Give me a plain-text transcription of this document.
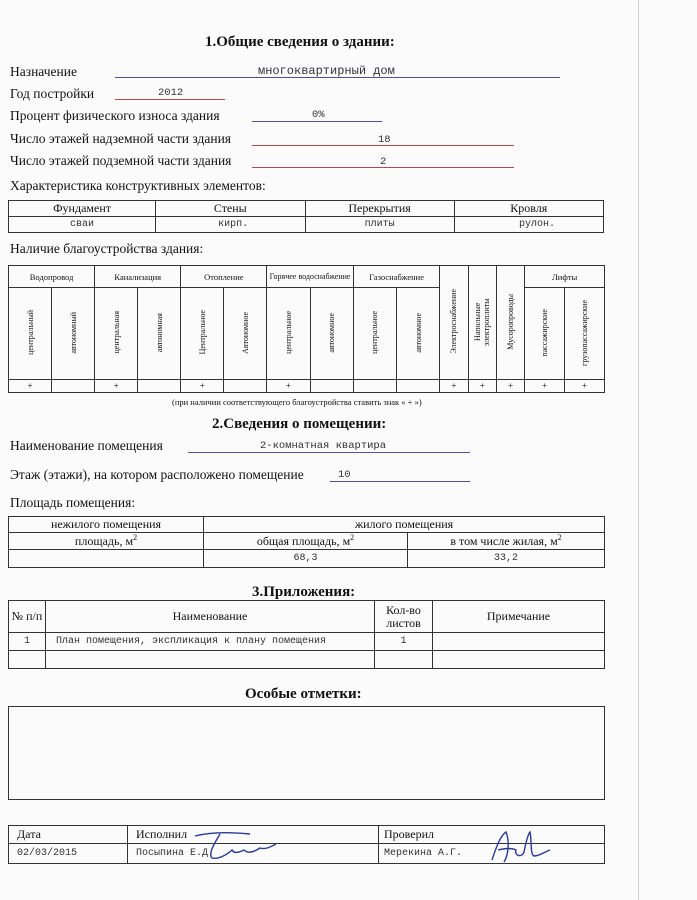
1.Общие сведения о здании:
Назначение	многоквартирный дом
Год постройки	2012
Процент физического износа здания	0%
Число этажей надземной части здания	18
Число этажей подземной части здания	2
Характеристика конструктивных элементов:
Фундамент	Стены	Перекрытия	Кровля
сваи	кирп.	плиты	рулон.
Наличие благоустройства здания:
Водопровод		Канализация		Отопление		Горячее водоснабжение		Газоснабжение		Электроснабжение	Напольные электроплиты	Мусоропроводы	Лифты	
центральный	автономный	центральная	автономная	Центральное	Автономное	центральное	автономное	центральное	автономное				пассажирские	грузопассажирские
+		+		+		+				+	+	+	+	+
(при наличии соответствующего благоустройства ставить знак « + »)
2.Сведения о помещении:
Наименование помещения	2-комнатная квартира
Этаж (этажи), на котором расположено помещение	10
Площадь помещения:
нежилого помещения	жилого помещения	
площадь, $м^2$	общая площадь, $м^2$	в том числе жилая, $м^2$
	68,3	33,2
3.Приложения:
№ п/п	Наименование	Кол-во листов	Примечание
1	План помещения, экспликация к плану помещения	1	

Особые отметки:
Дата	Исполнил	Проверил
02/03/2015	Посыпина Е.Д.	Мерекина А.Г.
